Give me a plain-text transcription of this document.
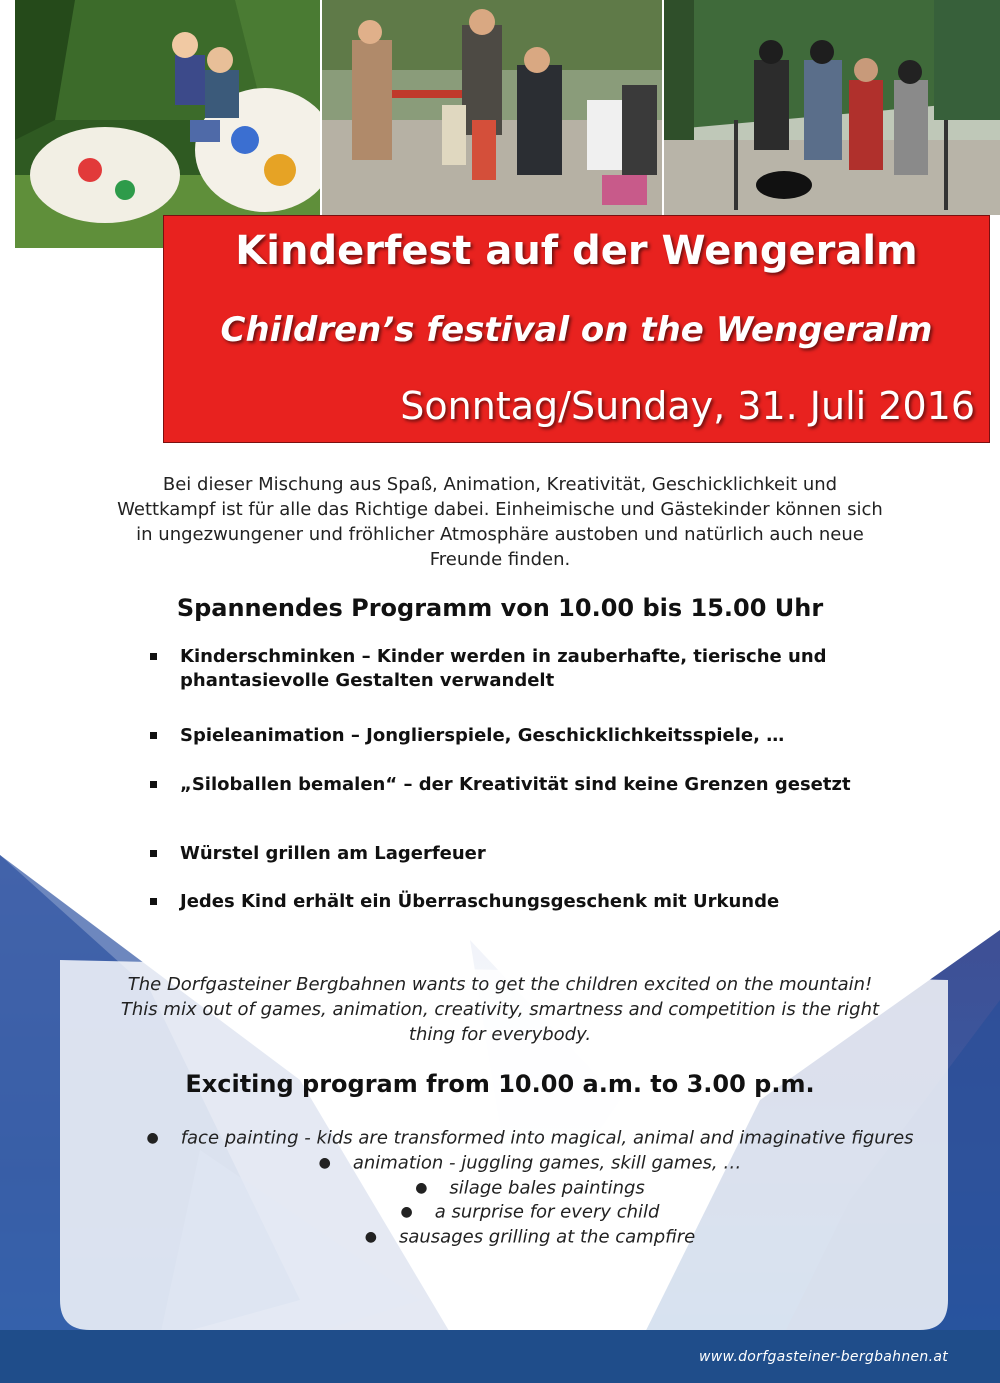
Kinderfest auf der Wengeralm
Children’s festival on the Wengeralm
Sonntag/Sunday, 31. Juli 2016
Bei dieser Mischung aus Spaß, Animation, Kreativität, Geschicklichkeit und Wettkampf ist für alle das Richtige dabei. Einheimische und Gästekinder können sich in ungezwungener und fröhlicher Atmosphäre austoben und natürlich auch neue Freunde finden.
Spannendes Programm von 10.00 bis 15.00 Uhr
Kinderschminken – Kinder werden in zauberhafte, tierische und phantasievolle Gestalten verwandelt
Spieleanimation – Jonglierspiele, Geschicklichkeitsspiele, …
„Siloballen bemalen“ – der Kreativität sind keine Grenzen gesetzt
Würstel grillen am Lagerfeuer
Jedes Kind erhält ein Überraschungsgeschenk mit Urkunde
The Dorfgasteiner Bergbahnen wants to get the children excited on the mountain! This mix out of games, animation, creativity, smartness and competition is the right thing for everybody.
Exciting program from 10.00 a.m. to 3.00 p.m.
● face painting - kids are transformed into magical, animal and imaginative figures
● animation - juggling games, skill games, …
● silage bales paintings
● a surprise for every child
● sausages grilling at the campfire
www.dorfgasteiner-bergbahnen.at
